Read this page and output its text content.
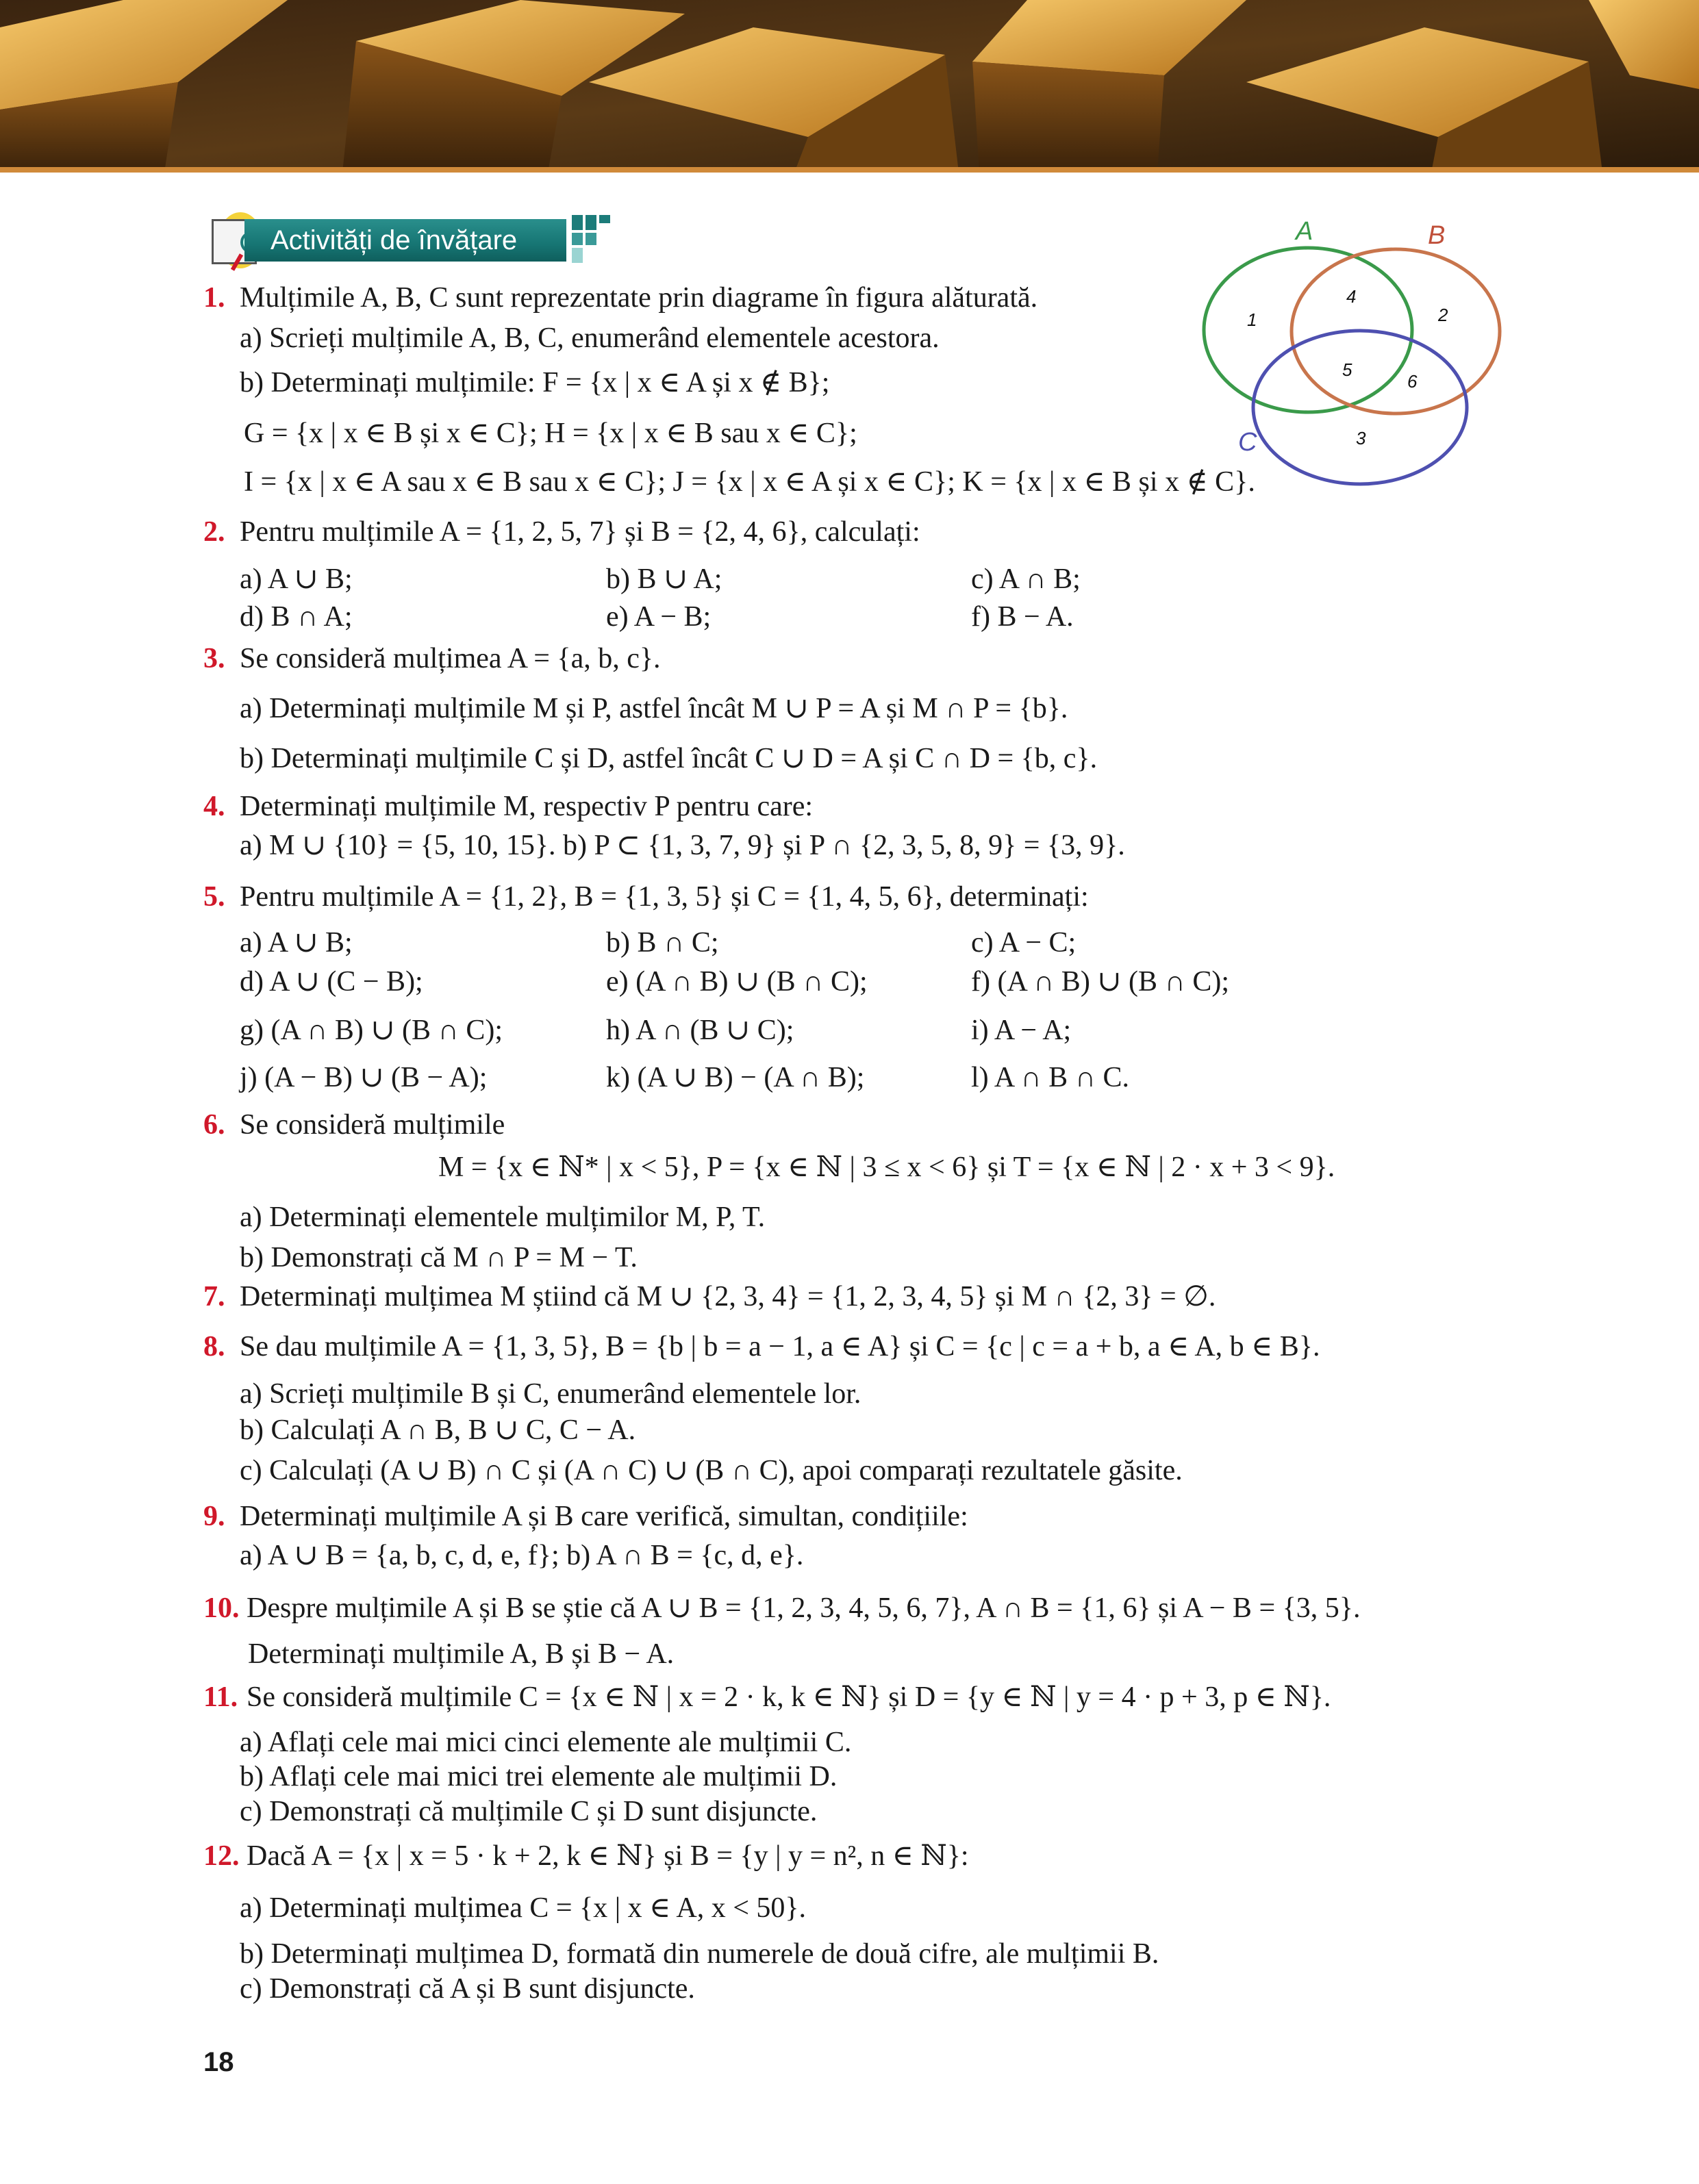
Activități de învățare	A	B
C
1
4
2
5
6
3
1. Mulțimile A, B, C sunt reprezentate prin diagrame în figura alăturată.
a) Scrieți mulțimile A, B, C, enumerând elementele acestora.
b) Determinați mulțimile: F = {x | x ∈ A și x ∉ B};
G = {x | x ∈ B și x ∈ C}; H = {x | x ∈ B sau x ∈ C};
I = {x | x ∈ A sau x ∈ B sau x ∈ C}; J = {x | x ∈ A și x ∈ C}; K = {x | x ∈ B și x ∉ C}.
2. Pentru mulțimile A = {1, 2, 5, 7} și B = {2, 4, 6}, calculați:
a) A ∪ B;	b) B ∪ A;	c) A ∩ B;
d) B ∩ A;	e) A − B;	f) B − A.
3. Se consideră mulțimea A = {a, b, c}.
a) Determinați mulțimile M și P, astfel încât M ∪ P = A și M ∩ P = {b}.
b) Determinați mulțimile C și D, astfel încât C ∪ D = A și C ∩ D = {b, c}.
4. Determinați mulțimile M, respectiv P pentru care:
a) M ∪ {10} = {5, 10, 15}. b) P ⊂ {1, 3, 7, 9} și P ∩ {2, 3, 5, 8, 9} = {3, 9}.
5. Pentru mulțimile A = {1, 2}, B = {1, 3, 5} și C = {1, 4, 5, 6}, determinați:
a) A ∪ B;	b) B ∩ C;	c) A − C;
d) A ∪ (C − B);	e) (A ∩ B) ∪ (B ∩ C);	f) (A ∩ B) ∪ (B ∩ C);
g) (A ∩ B) ∪ (B ∩ C);	h) A ∩ (B ∪ C);	i) A − A;
j) (A − B) ∪ (B − A);	k) (A ∪ B) − (A ∩ B);	l) A ∩ B ∩ C.
6. Se consideră mulțimile
M = {x ∈ ℕ* | x < 5}, P = {x ∈ ℕ | 3 ≤ x < 6} și T = {x ∈ ℕ | 2 · x + 3 < 9}.
a) Determinați elementele mulțimilor M, P, T.
b) Demonstrați că M ∩ P = M − T.
7. Determinați mulțimea M știind că M ∪ {2, 3, 4} = {1, 2, 3, 4, 5} și M ∩ {2, 3} = ∅.
8. Se dau mulțimile A = {1, 3, 5}, B = {b | b = a − 1, a ∈ A} și C = {c | c = a + b, a ∈ A, b ∈ B}.
a) Scrieți mulțimile B și C, enumerând elementele lor.
b) Calculați A ∩ B, B ∪ C, C − A.
c) Calculați (A ∪ B) ∩ C și (A ∩ C) ∪ (B ∩ C), apoi comparați rezultatele găsite.
9. Determinați mulțimile A și B care verifică, simultan, condițiile:
a) A ∪ B = {a, b, c, d, e, f}; b) A ∩ B = {c, d, e}.
10. Despre mulțimile A și B se știe că A ∪ B = {1, 2, 3, 4, 5, 6, 7}, A ∩ B = {1, 6} și A − B = {3, 5}.
Determinați mulțimile A, B și B − A.
11. Se consideră mulțimile C = {x ∈ ℕ | x = 2 · k, k ∈ ℕ} și D = {y ∈ ℕ | y = 4 · p + 3, p ∈ ℕ}.
a) Aflați cele mai mici cinci elemente ale mulțimii C.
b) Aflați cele mai mici trei elemente ale mulțimii D.
c) Demonstrați că mulțimile C și D sunt disjuncte.
12. Dacă A = {x | x = 5 · k + 2, k ∈ ℕ} și B = {y | y = n², n ∈ ℕ}:
a) Determinați mulțimea C = {x | x ∈ A, x < 50}.
b) Determinați mulțimea D, formată din numerele de două cifre, ale mulțimii B.
c) Demonstrați că A și B sunt disjuncte.
18
